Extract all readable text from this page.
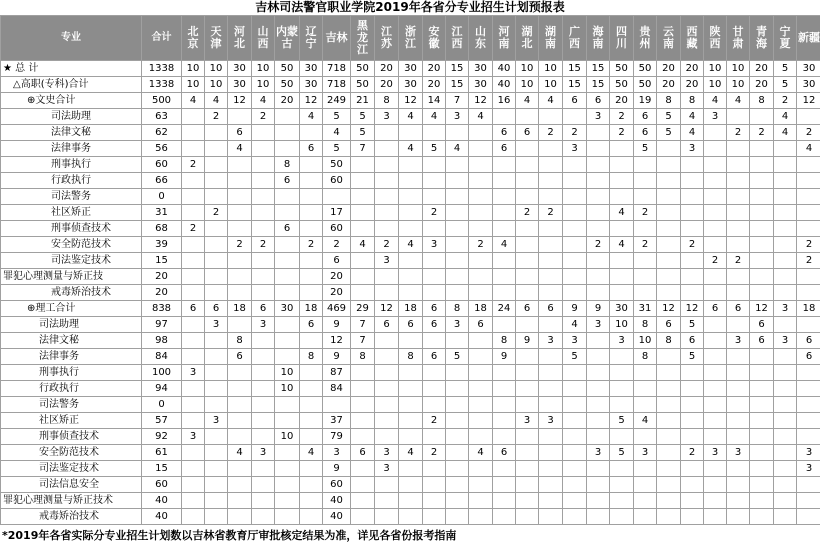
吉林司法警官职业学院2019年各省分专业招生计划预报表
专业	合计	北京	天津	河北	山西	内蒙古	辽宁	吉林	黑龙江	江苏	浙江	安徽	江西	山东	河南	湖北	湖南	广西	海南	四川	贵州	云南	西藏	陕西	甘肃	青海	宁夏	新疆
★ 总 计	1338	10	10	30	10	50	30	718	50	20	30	20	15	30	40	10	10	15	15	50	50	20	20	10	10	20	5	30
△高职(专科)合计	1338	10	10	30	10	50	30	718	50	20	30	20	15	30	40	10	10	15	15	50	50	20	20	10	10	20	5	30
⊕文史合计	500	4	4	12	4	20	12	249	21	8	12	14	7	12	16	4	4	6	6	20	19	8	8	4	4	8	2	12
司法助理	63		2		2		4	5	5	3	4	4	3	4					3	2	6	5	4	3			4	
法律文秘	62			6				4	5						6	6	2	2		2	6	5	4		2	2	4	2
法律事务	56			4			6	5	7		4	5	4		6			3			5		3					4
刑事执行	60	2				8		50																				
行政执行	66					6		60																				
司法警务	0																											
社区矫正	31		2					17				2				2	2			4	2							
刑事侦查技术	68	2				6		60																				
安全防范技术	39			2	2		2	2	4	2	4	3		2	4				2	4	2		2					2
司法鉴定技术	15							6		3														2	2			2
罪犯心理测量与矫正技	20							20																				
戒毒矫治技术	20							20																				
⊕理工合计	838	6	6	18	6	30	18	469	29	12	18	6	8	18	24	6	6	9	9	30	31	12	12	6	6	12	3	18
司法助理	97		3		3		6	9	7	6	6	6	3	6				4	3	10	8	6	5			6		
法律文秘	98			8				12	7						8	9	3	3		3	10	8	6		3	6	3	6
法律事务	84			6			8	9	8		8	6	5		9			5			8		5					6
刑事执行	100	3				10		87																				
行政执行	94					10		84																				
司法警务	0																											
社区矫正	57		3					37				2				3	3			5	4							
刑事侦查技术	92	3				10		79																				
安全防范技术	61			4	3		4	3	6	3	4	2		4	6				3	5	3		2	3	3			3
司法鉴定技术	15							9		3																		3
司法信息安全	60							60																				
罪犯心理测量与矫正技术	40							40																				
戒毒矫治技术	40							40																				
*2019年各省实际分专业招生计划数以吉林省教育厅审批核定结果为准，详见各省份报考指南
